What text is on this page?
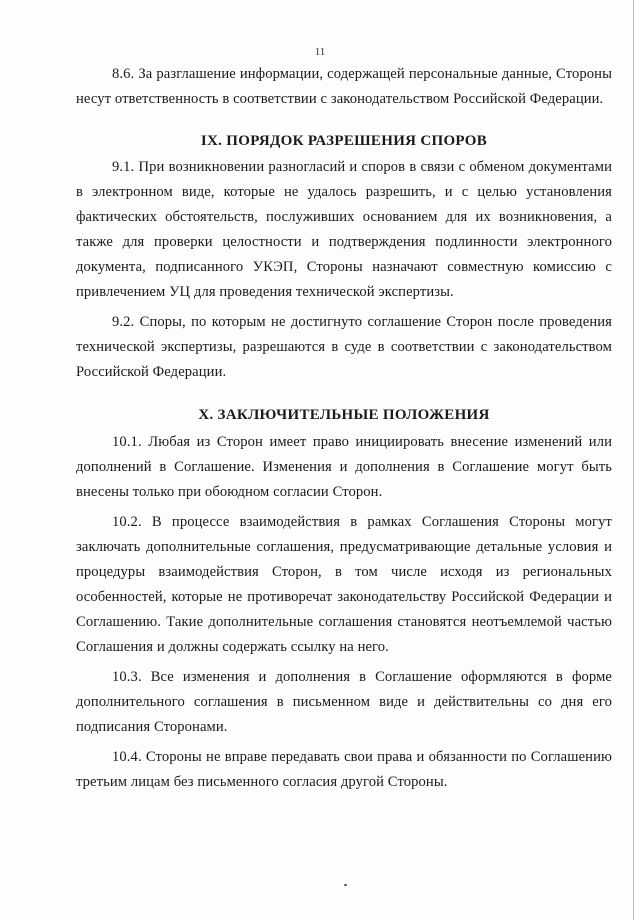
11

8.6. За разглашение информации, содержащей персональные данные, Стороны несут ответственность в соответствии с законодательством Российской Федерации.

IX. ПОРЯДОК РАЗРЕШЕНИЯ СПОРОВ

9.1. При возникновении разногласий и споров в связи с обменом документами в электронном виде, которые не удалось разрешить, и с целью установления фактических обстоятельств, послуживших основанием для их возникновения, а также для проверки целостности и подтверждения подлинности электронного документа, подписанного УКЭП, Стороны назначают совместную комиссию с привлечением УЦ для проведения технической экспертизы.

9.2. Споры, по которым не достигнуто соглашение Сторон после проведения технической экспертизы, разрешаются в суде в соответствии с законодательством Российской Федерации.

X. ЗАКЛЮЧИТЕЛЬНЫЕ ПОЛОЖЕНИЯ

10.1. Любая из Сторон имеет право инициировать внесение изменений или дополнений в Соглашение. Изменения и дополнения в Соглашение могут быть внесены только при обоюдном согласии Сторон.

10.2. В процессе взаимодействия в рамках Соглашения Стороны могут заключать дополнительные соглашения, предусматривающие детальные условия и процедуры взаимодействия Сторон, в том числе исходя из региональных особенностей, которые не противоречат законодательству Российской Федерации и Соглашению. Такие дополнительные соглашения становятся неотъемлемой частью Соглашения и должны содержать ссылку на него.

10.3. Все изменения и дополнения в Соглашение оформляются в форме дополнительного соглашения в письменном виде и действительны со дня его подписания Сторонами.

10.4. Стороны не вправе передавать свои права и обязанности по Соглашению третьим лицам без письменного согласия другой Стороны.
